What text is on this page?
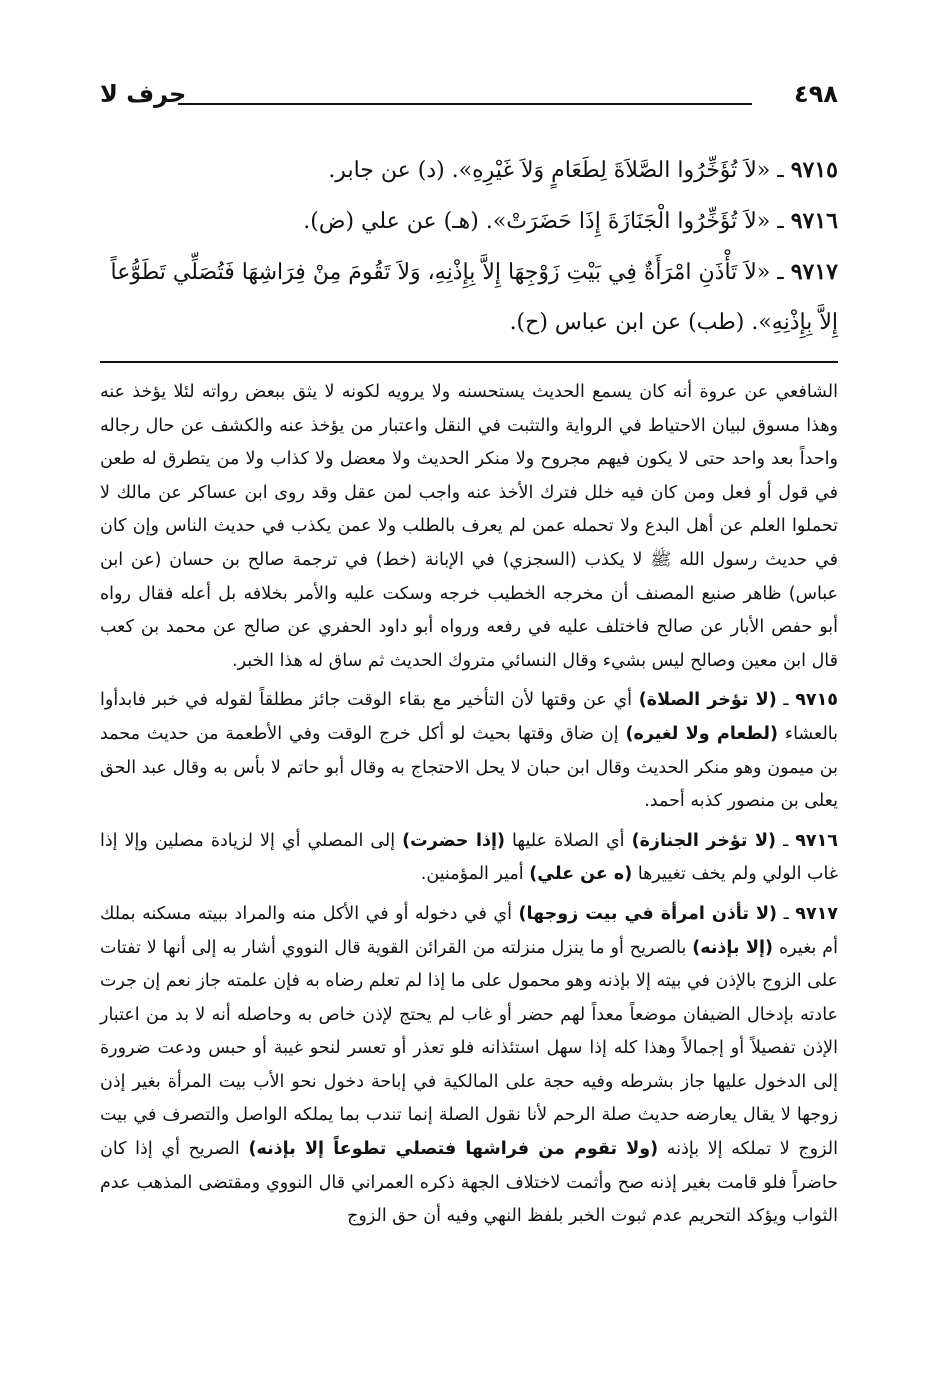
٤٩٨
حرف لا

٩٧١٥ ـ «لاَ تُؤَخِّرُوا الصَّلاَةَ لِطَعَامٍ وَلاَ غَيْرِهِ». (د) عن جابر.

٩٧١٦ ـ «لاَ تُؤَخِّرُوا الْجَنَازَةَ إِذَا حَضَرَتْ». (هـ) عن علي (ض).

٩٧١٧ ـ «لاَ تَأْذَنِ امْرَأَةٌ فِي بَيْتِ زَوْجِهَا إِلاَّ بِإِذْنِهِ، وَلاَ تَقُومَ مِنْ فِرَاشِهَا فَتُصَلِّي تَطَوُّعاً إِلاَّ بِإِذْنِهِ». (طب) عن ابن عباس (ح).

الشافعي عن عروة أنه كان يسمع الحديث يستحسنه ولا يرويه لكونه لا يثق ببعض رواته لئلا يؤخذ عنه وهذا مسوق لبيان الاحتياط في الرواية والتثبت في النقل واعتبار من يؤخذ عنه والكشف عن حال رجاله واحداً بعد واحد حتى لا يكون فيهم مجروح ولا منكر الحديث ولا معضل ولا كذاب ولا من يتطرق له طعن في قول أو فعل ومن كان فيه خلل فترك الأخذ عنه واجب لمن عقل وقد روى ابن عساكر عن مالك لا تحملوا العلم عن أهل البدع ولا تحمله عمن لم يعرف بالطلب ولا عمن يكذب في حديث الناس وإن كان في حديث رسول الله ﷺ لا يكذب (السجزي) في الإبانة (خط) في ترجمة صالح بن حسان (عن ابن عباس) ظاهر صنيع المصنف أن مخرجه الخطيب خرجه وسكت عليه والأمر بخلافه بل أعله فقال رواه أبو حفص الأبار عن صالح فاختلف عليه في رفعه ورواه أبو داود الحفري عن صالح عن محمد بن كعب قال ابن معين وصالح ليس بشيء وقال النسائي متروك الحديث ثم ساق له هذا الخبر.

٩٧١٥ ـ (لا تؤخر الصلاة) أي عن وقتها لأن التأخير مع بقاء الوقت جائز مطلقاً لقوله في خبر فابدأوا بالعشاء (لطعام ولا لغيره) إن ضاق وقتها بحيث لو أكل خرج الوقت وفي الأطعمة من حديث محمد بن ميمون وهو منكر الحديث وقال ابن حبان لا يحل الاحتجاج به وقال أبو حاتم لا بأس به وقال عبد الحق يعلى بن منصور كذبه أحمد.

٩٧١٦ ـ (لا تؤخر الجنازة) أي الصلاة عليها (إذا حضرت) إلى المصلي أي إلا لزيادة مصلين وإلا إذا غاب الولي ولم يخف تغييرها (ه عن علي) أمير المؤمنين.

٩٧١٧ ـ (لا تأذن امرأة في بيت زوجها) أي في دخوله أو في الأكل منه والمراد ببيته مسكنه بملك أم بغيره (إلا بإذنه) بالصريح أو ما ينزل منزلته من القرائن القوية قال النووي أشار به إلى أنها لا تفتات على الزوج بالإذن في بيته إلا بإذنه وهو محمول على ما إذا لم تعلم رضاه به فإن علمته جاز نعم إن جرت عادته بإدخال الضيفان موضعاً معداً لهم حضر أو غاب لم يحتج لإذن خاص به وحاصله أنه لا بد من اعتبار الإذن تفصيلاً أو إجمالاً وهذا كله إذا سهل استئذانه فلو تعذر أو تعسر لنحو غيبة أو حبس ودعت ضرورة إلى الدخول عليها جاز بشرطه وفيه حجة على المالكية في إباحة دخول نحو الأب بيت المرأة بغير إذن زوجها لا يقال يعارضه حديث صلة الرحم لأنا نقول الصلة إنما تندب بما يملكه الواصل والتصرف في بيت الزوج لا تملكه إلا بإذنه (ولا تقوم من فراشها فتصلي تطوعاً إلا بإذنه) الصريح أي إذا كان حاضراً فلو قامت بغير إذنه صح وأثمت لاختلاف الجهة ذكره العمراني قال النووي ومقتضى المذهب عدم الثواب ويؤكد التحريم عدم ثبوت الخبر بلفظ النهي وفيه أن حق الزوج
